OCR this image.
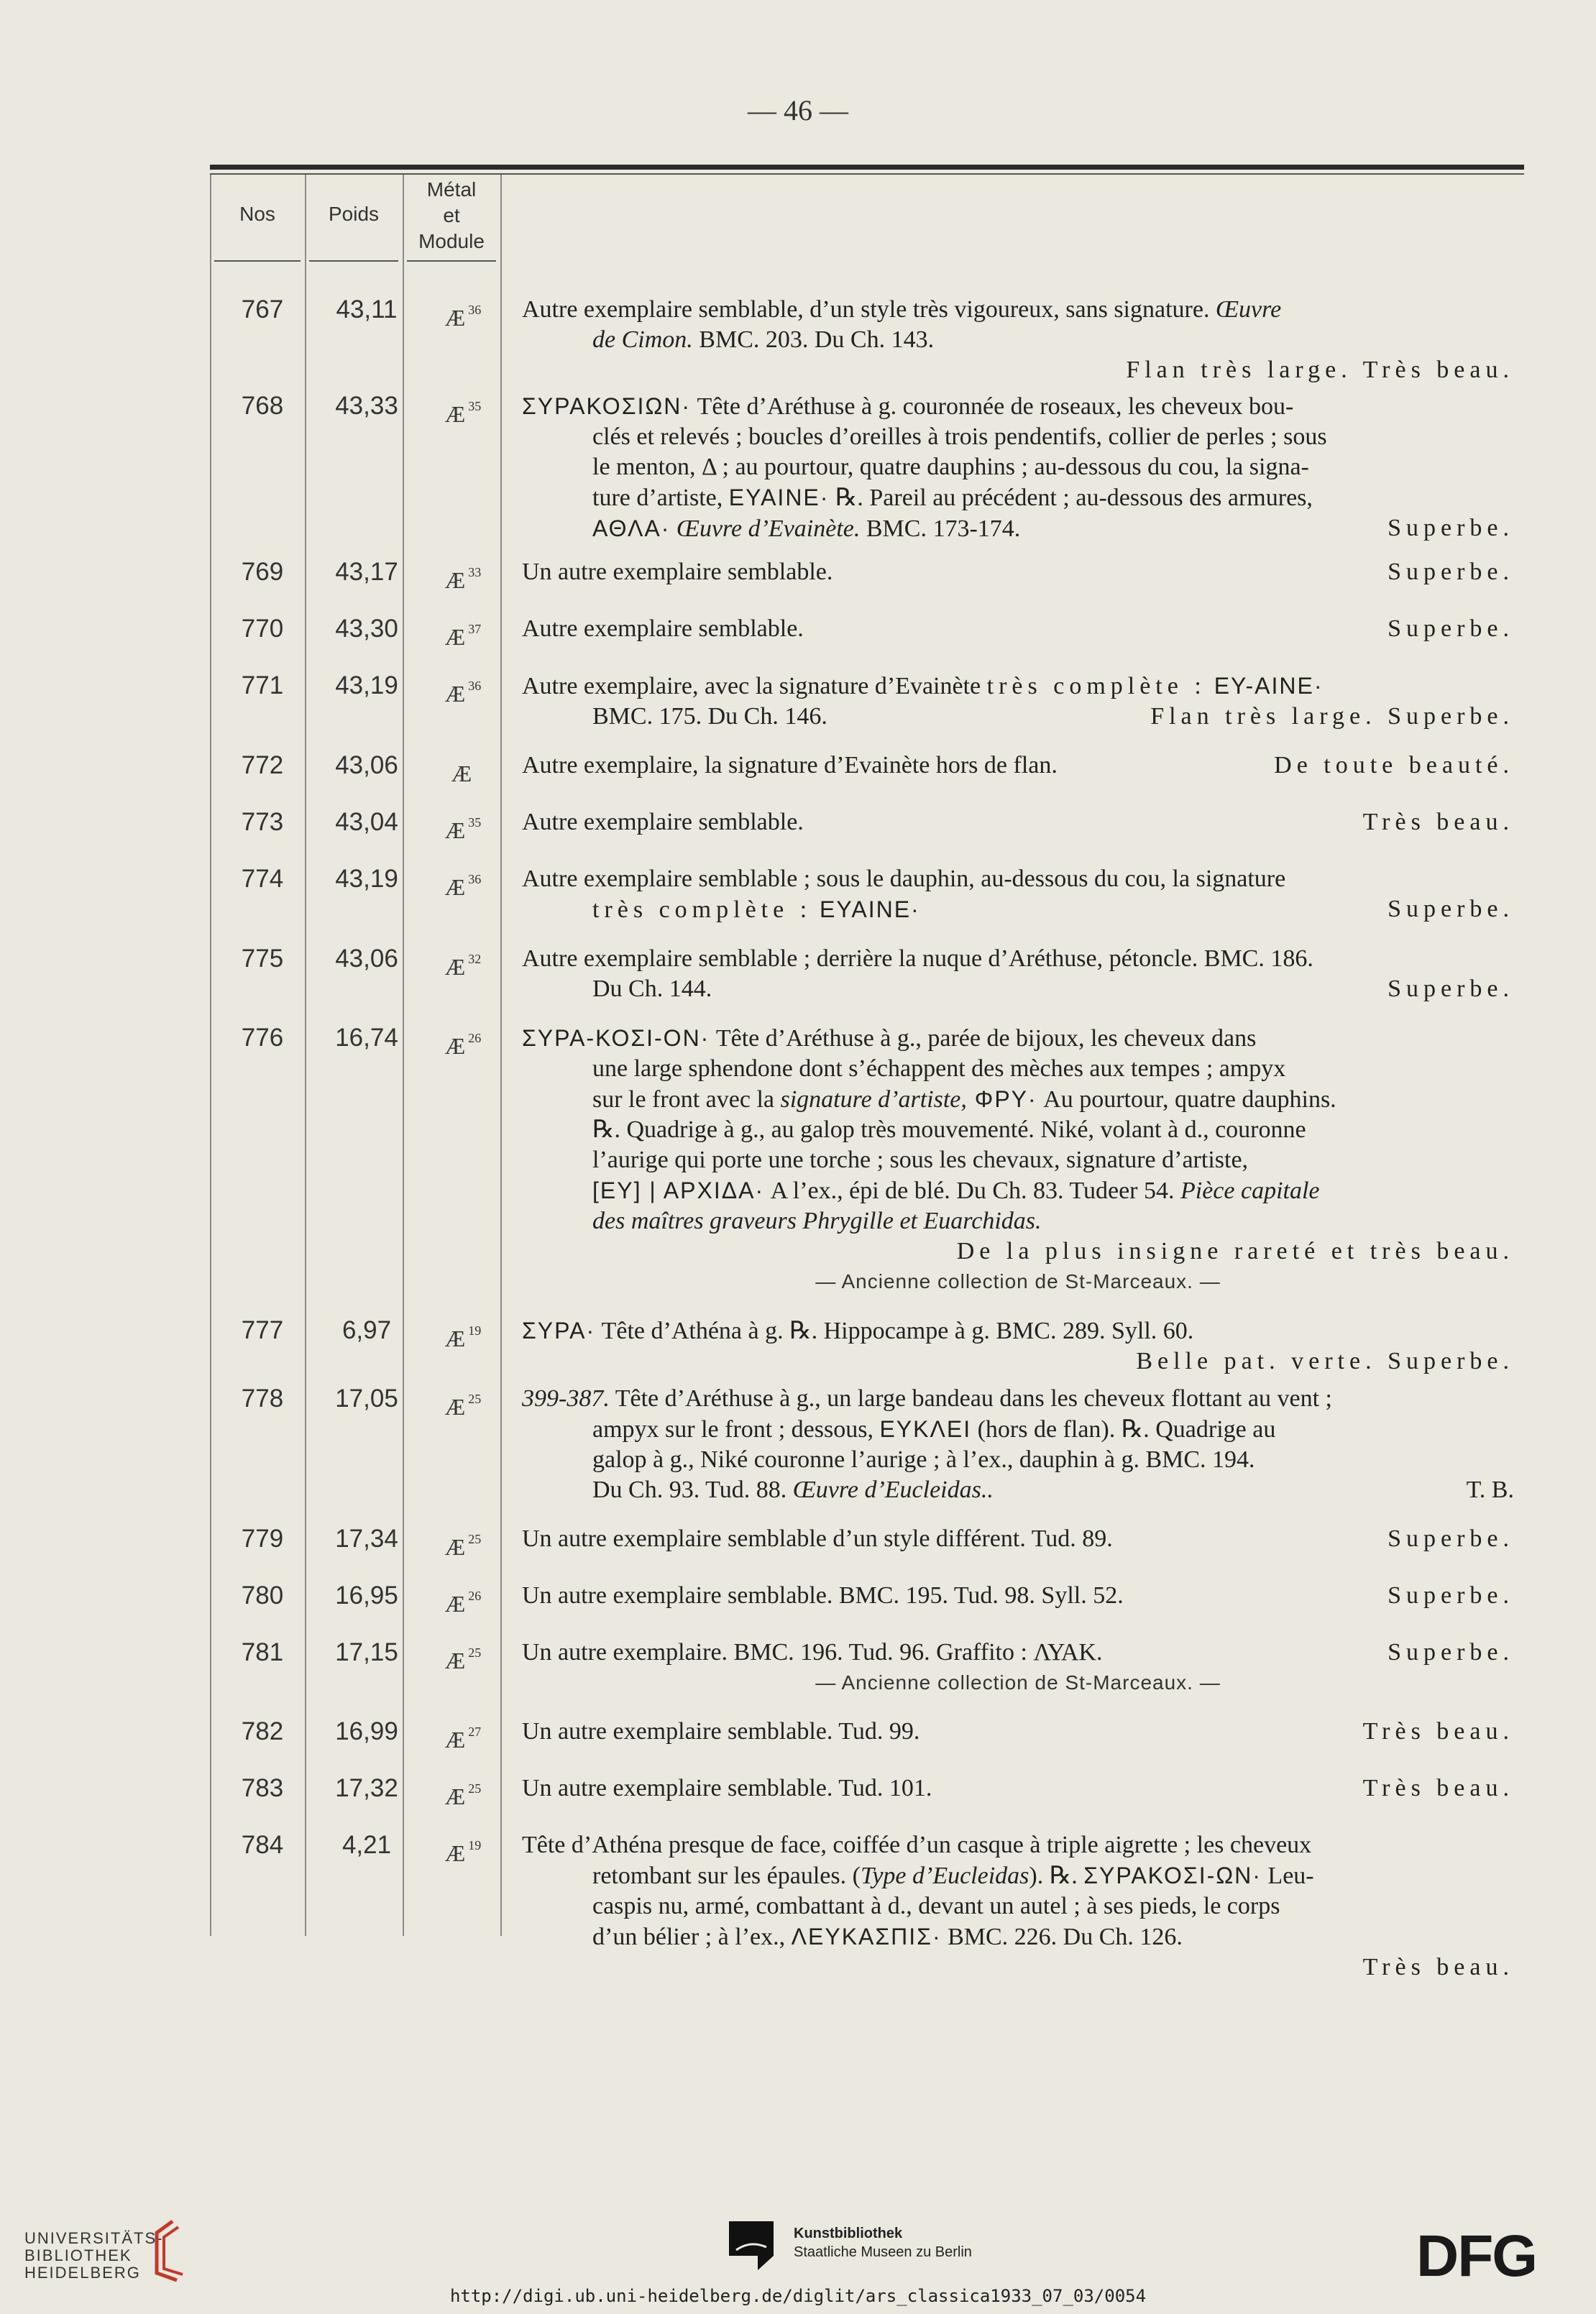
— 46 —
Nos	Poids
Métal
et
Module
767	43,11	Æ $^{36}$	Autre exemplaire semblable, d’un style très vigoureux, sans signature. Œuvre
de Cimon. BMC. 203. Du Ch. 143.
Flan très large. Très beau.
768	43,33	Æ $^{35}$	ΣΥΡΑΚΟΣΙΩΝ· Tête d’Aréthuse à g. couronnée de roseaux, les cheveux bou-
clés et relevés ; boucles d’oreilles à trois pendentifs, collier de perles ; sous
le menton, Δ ; au pourtour, quatre dauphins ; au-dessous du cou, la signa-
ture d’artiste, ΕΥΑΙΝΕ· ℞. Pareil au précédent ; au-dessous des armures,
ΑΘΛΑ· Œuvre d’Evainète. BMC. 173-174.	Superbe.
769	43,17	Æ $^{33}$	Un autre exemplaire semblable.	Superbe.
770	43,30	Æ $^{37}$	Autre exemplaire semblable.	Superbe.
771	43,19	Æ $^{36}$	Autre exemplaire, avec la signature d’Evainète très complète : ΕΥ-ΑΙΝΕ·
BMC. 175. Du Ch. 146.	Flan très large. Superbe.
772	43,06	Æ	Autre exemplaire, la signature d’Evainète hors de flan.	De toute beauté.
773	43,04	Æ $^{35}$	Autre exemplaire semblable.	Très beau.
774	43,19	Æ $^{36}$	Autre exemplaire semblable ; sous le dauphin, au-dessous du cou, la signature
très complète : ΕΥΑΙΝΕ·	Superbe.
775	43,06	Æ $^{32}$	Autre exemplaire semblable ; derrière la nuque d’Aréthuse, pétoncle. BMC. 186.
Du Ch. 144.	Superbe.
776	16,74	Æ $^{26}$	ΣΥΡΑ-ΚΟΣΙ-ΟΝ· Tête d’Aréthuse à g., parée de bijoux, les cheveux dans
une large sphendone dont s’échappent des mèches aux tempes ; ampyx
sur le front avec la signature d’artiste, ΦΡΥ· Au pourtour, quatre dauphins.
℞. Quadrige à g., au galop très mouvementé. Niké, volant à d., couronne
l’aurige qui porte une torche ; sous les chevaux, signature d’artiste,
[ΕΥ] | ΑΡΧΙΔΑ· A l’ex., épi de blé. Du Ch. 83. Tudeer 54. Pièce capitale
des maîtres graveurs Phrygille et Euarchidas.
De la plus insigne rareté et très beau.
— Ancienne collection de St-Marceaux. —
777	6,97	Æ $^{19}$	ΣΥΡΑ· Tête d’Athéna à g. ℞. Hippocampe à g. BMC. 289. Syll. 60.
Belle pat. verte. Superbe.
778	17,05	Æ $^{25}$	399-387. Tête d’Aréthuse à g., un large bandeau dans les cheveux flottant au vent ;
ampyx sur le front ; dessous, ΕΥΚΛΕΙ (hors de flan). ℞. Quadrige au
galop à g., Niké couronne l’aurige ; à l’ex., dauphin à g. BMC. 194.
Du Ch. 93. Tud. 88. Œuvre d’Eucleidas..	T. B.
779	17,34	Æ $^{25}$	Un autre exemplaire semblable d’un style différent. Tud. 89.	Superbe.
780	16,95	Æ $^{26}$	Un autre exemplaire semblable. BMC. 195. Tud. 98. Syll. 52.	Superbe.
781	17,15	Æ $^{25}$	Un autre exemplaire. BMC. 196. Tud. 96. Graffito : ΛΥΑΚ.	Superbe.
— Ancienne collection de St-Marceaux. —
782	16,99	Æ $^{27}$	Un autre exemplaire semblable. Tud. 99.	Très beau.
783	17,32	Æ $^{25}$	Un autre exemplaire semblable. Tud. 101.	Très beau.
784	4,21	Æ $^{19}$	Tête d’Athéna presque de face, coiffée d’un casque à triple aigrette ; les cheveux
retombant sur les épaules. (Type d’Eucleidas). ℞. ΣΥΡΑΚΟΣΙ-ΩΝ· Leu-
caspis nu, armé, combattant à d., devant un autel ; à ses pieds, le corps
d’un bélier ; à l’ex., ΛΕΥΚΑΣΠΙΣ· BMC. 226. Du Ch. 126.
Très beau.
UNIVERSITÄTS-
BIBLIOTHEK
HEIDELBERG
Kunstbibliothek
Staatliche Museen zu Berlin	DFG
http://digi.ub.uni-heidelberg.de/diglit/ars_classica1933_07_03/0054
